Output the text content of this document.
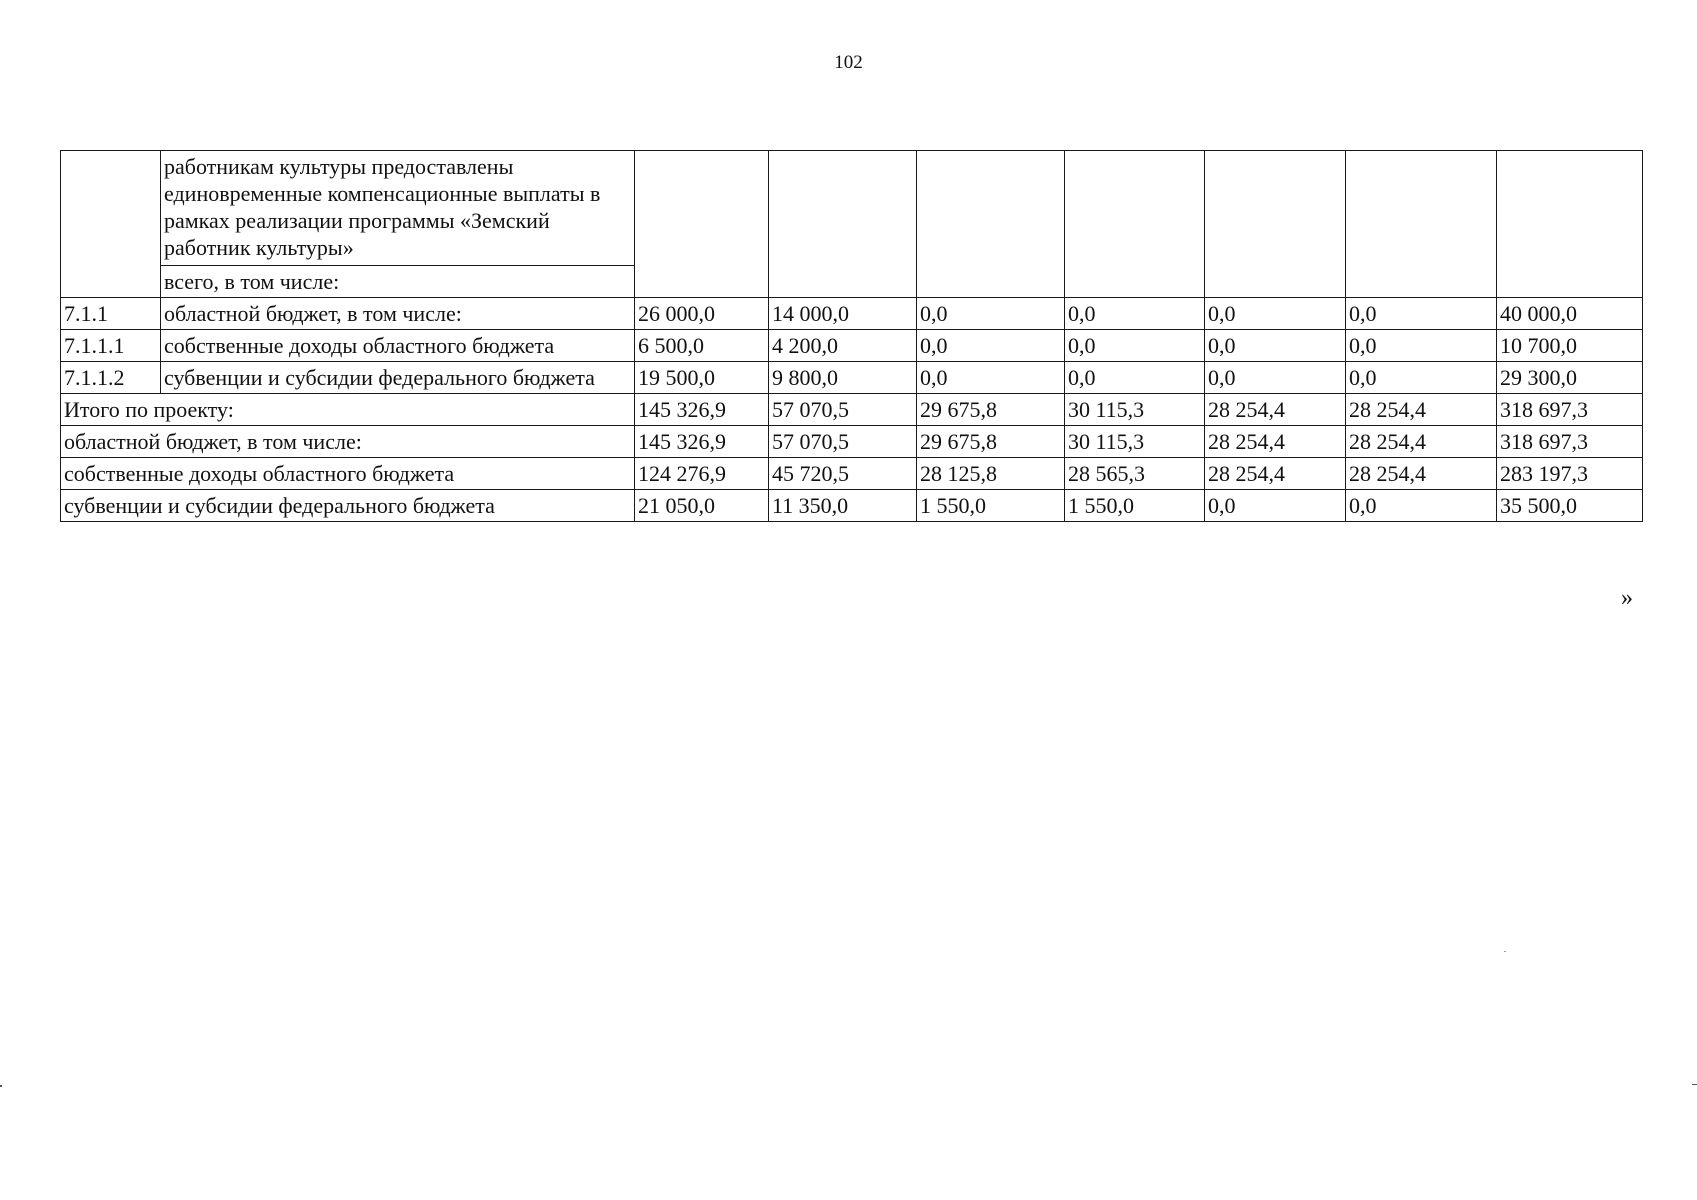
102
	работникам культуры предоставлены единовременные компенсационные выплаты в рамках реализации программы «Земский работник культуры»							
	всего, в том числе:							
7.1.1	областной бюджет, в том числе:	26 000,0	14 000,0	0,0	0,0	0,0	0,0	40 000,0
7.1.1.1	собственные доходы областного бюджета	6 500,0	4 200,0	0,0	0,0	0,0	0,0	10 700,0
7.1.1.2	субвенции и субсидии федерального бюджета	19 500,0	9 800,0	0,0	0,0	0,0	0,0	29 300,0
Итого по проекту:		145 326,9	57 070,5	29 675,8	30 115,3	28 254,4	28 254,4	318 697,3
областной бюджет, в том числе:		145 326,9	57 070,5	29 675,8	30 115,3	28 254,4	28 254,4	318 697,3
собственные доходы областного бюджета		124 276,9	45 720,5	28 125,8	28 565,3	28 254,4	28 254,4	283 197,3
субвенции и субсидии федерального бюджета		21 050,0	11 350,0	1 550,0	1 550,0	0,0	0,0	35 500,0
»
